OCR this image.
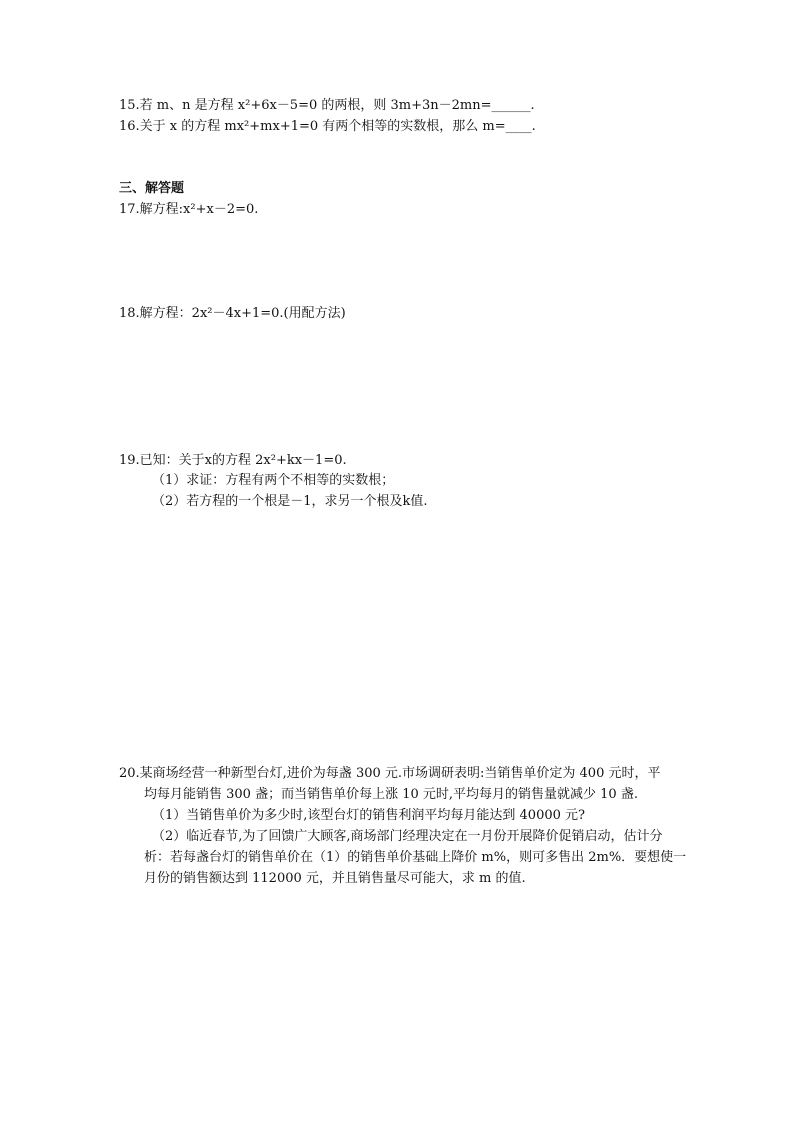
15.若 m、n 是方程 x²+6x－5=0 的两根，则 3m+3n－2mn=______.
16.关于 x 的方程 mx²+mx+1=0 有两个相等的实数根，那么 m=____.
三、解答题
17.解方程:x²+x－2=0.
18.解方程：2x²－4x+1=0.(用配方法)
19.已知：关于x的方程 2x²+kx－1=0.
（1）求证：方程有两个不相等的实数根；
（2）若方程的一个根是－1，求另一个根及k值.
20.某商场经营一种新型台灯,进价为每盏 300 元.市场调研表明:当销售单价定为 400 元时，平
均每月能销售 300 盏；而当销售单价每上涨 10 元时,平均每月的销售量就减少 10 盏.
（1）当销售单价为多少时,该型台灯的销售利润平均每月能达到 40000 元?
（2）临近春节,为了回馈广大顾客,商场部门经理决定在一月份开展降价促销启动，估计分
析：若每盏台灯的销售单价在（1）的销售单价基础上降价 m%，则可多售出 2m%．要想使一
月份的销售额达到 112000 元，并且销售量尽可能大，求 m 的值.
